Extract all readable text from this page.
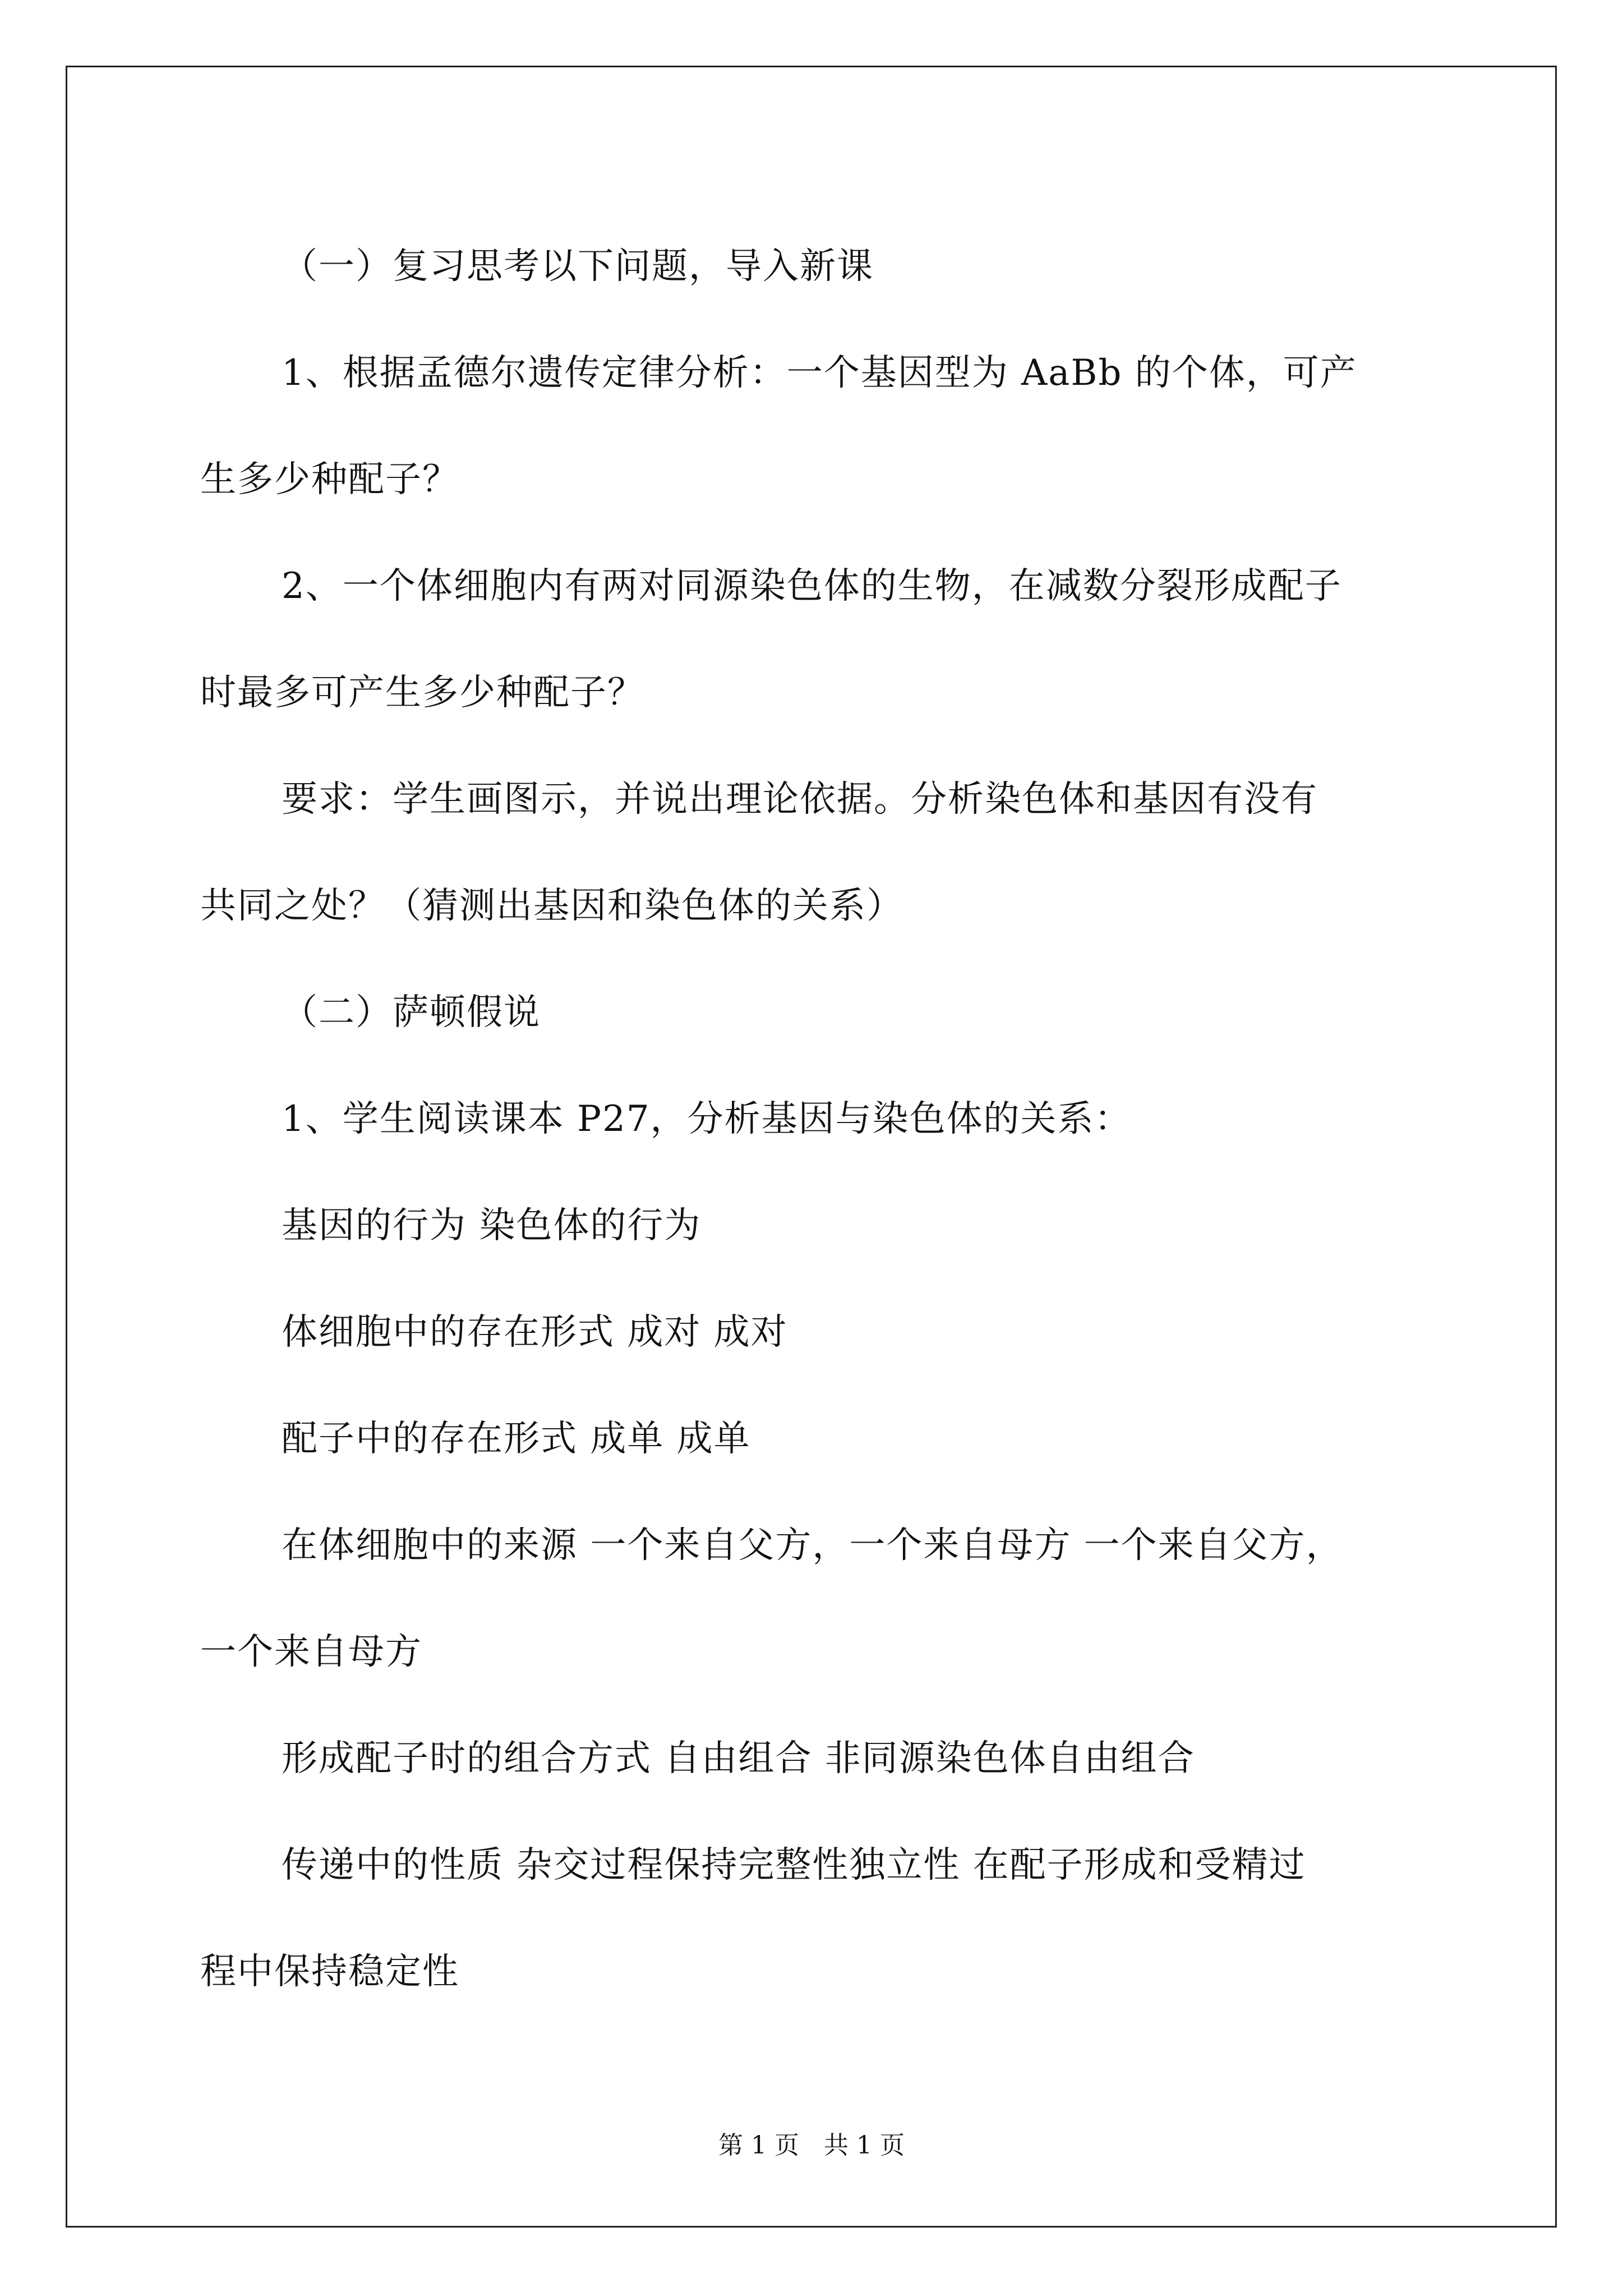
（一）复习思考以下问题，导入新课

1、根据孟德尔遗传定律分析：一个基因型为 AaBb 的个体，可产

生多少种配子？

2、一个体细胞内有两对同源染色体的生物，在减数分裂形成配子

时最多可产生多少种配子？

要求：学生画图示，并说出理论依据。分析染色体和基因有没有

共同之处？（猜测出基因和染色体的关系）

（二）萨顿假说

1、学生阅读课本 P27，分析基因与染色体的关系：

基因的行为 染色体的行为

体细胞中的存在形式 成对 成对

配子中的存在形式 成单 成单

在体细胞中的来源 一个来自父方，一个来自母方 一个来自父方，

一个来自母方

形成配子时的组合方式 自由组合 非同源染色体自由组合

传递中的性质 杂交过程保持完整性独立性 在配子形成和受精过

程中保持稳定性

第 1 页　共 1 页
